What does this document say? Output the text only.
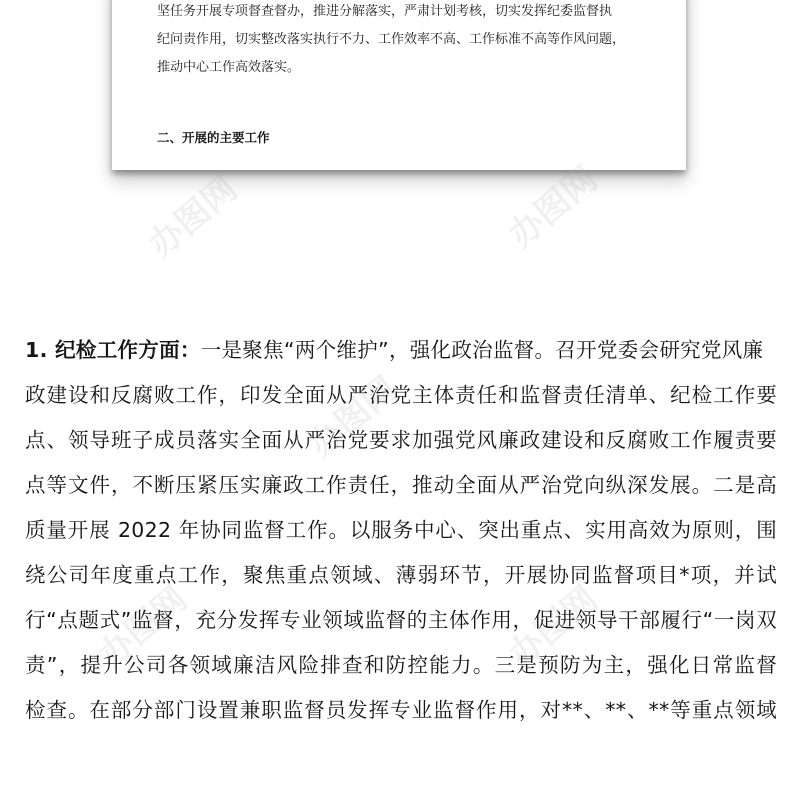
坚任务开展专项督查督办，推进分解落实，严肃计划考核，切实发挥纪委监督执
纪问责作用，切实整改落实执行不力、工作效率不高、工作标准不高等作风问题，
推动中心工作高效落实。
二、开展的主要工作
办图网	办图网
办图网
办图网	办图网
1. 纪检工作方面：一是聚焦“两个维护”，强化政治监督。召开党委会研究党风廉
政建设和反腐败工作，印发全面从严治党主体责任和监督责任清单、纪检工作要
点、领导班子成员落实全面从严治党要求加强党风廉政建设和反腐败工作履责要
点等文件，不断压紧压实廉政工作责任，推动全面从严治党向纵深发展。二是高
质量开展 2022 年协同监督工作。以服务中心、突出重点、实用高效为原则，围
绕公司年度重点工作，聚焦重点领域、薄弱环节，开展协同监督项目*项，并试
行“点题式”监督，充分发挥专业领域监督的主体作用，促进领导干部履行“一岗双
责”，提升公司各领域廉洁风险排查和防控能力。三是预防为主，强化日常监督
检查。在部分部门设置兼职监督员发挥专业监督作用，对**、**、**等重点领域
